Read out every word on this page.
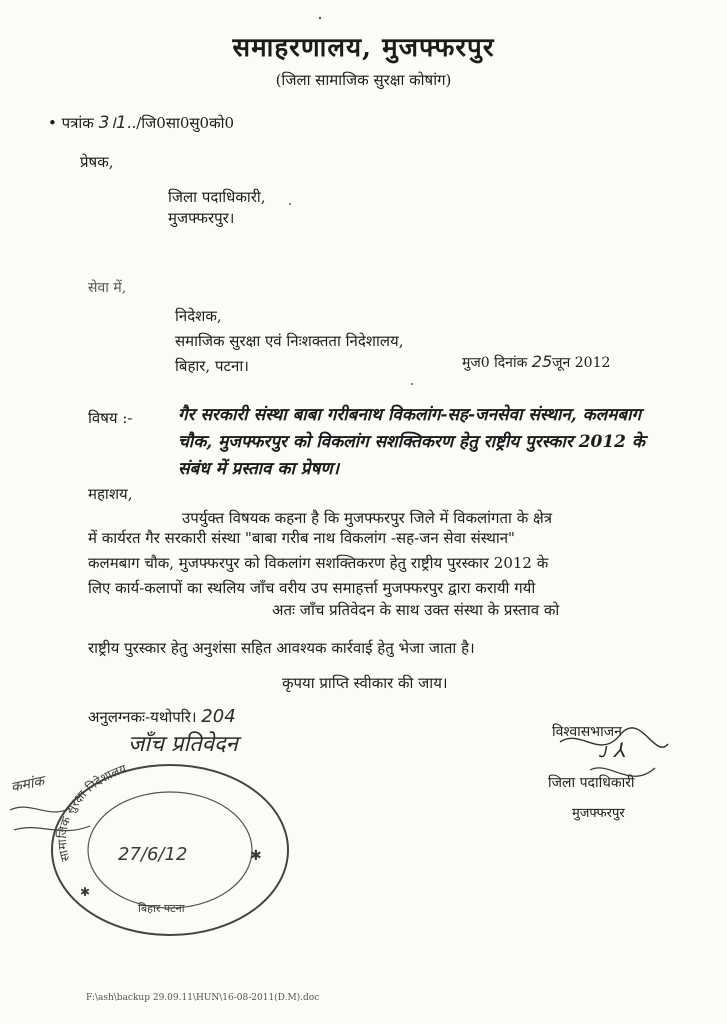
समाहरणालय, मुजफ्फरपुर
(जिला सामाजिक सुरक्षा कोषांग)
• पत्रांक 3।1../जि0सा0सु0को0
प्रेषक,
जिला पदाधिकारी,
मुजफ्फरपुर।
सेवा में,
निदेशक,
समाजिक सुरक्षा एवं निःशक्तता निदेशालय,
बिहार, पटना।	मुज0 दिनांक 25जून 2012
विषय :-	गैर सरकारी संस्था बाबा गरीबनाथ विकलांग-सह-जनसेवा संस्थान, कलमबाग चौक, मुजफ्फरपुर को विकलांग सशक्तिकरण हेतु राष्ट्रीय पुरस्कार 2012 के संबंध में प्रस्ताव का प्रेषण।
महाशय,
उपर्युक्त विषयक कहना है कि मुजफ्फरपुर जिले में विकलांगता के क्षेत्र
में कार्यरत गैर सरकारी संस्था "बाबा गरीब नाथ विकलांग -सह-जन सेवा संस्थान"
कलमबाग चौक, मुजफ्फरपुर को विकलांग सशक्तिकरण हेतु राष्ट्रीय पुरस्कार 2012 के
लिए कार्य-कलापों का स्थलिय जाँच वरीय उप समाहर्त्ता मुजफ्फरपुर द्वारा करायी गयी
अतः जाँच प्रतिवेदन के साथ उक्त संस्था के प्रस्ताव को
राष्ट्रीय पुरस्कार हेतु अनुशंसा सहित आवश्यक कार्रवाई हेतु भेजा जाता है।
कृपया प्राप्ति स्वीकार की जाय।
अनुलग्नकः-यथोपरि। 204
जाँच प्रतिवेदन	विश्वासभाजन
ᴊ ⅄
जिला पदाधिकारी
मुजफ्फरपुर
सामाजिक सुरक्षा निदेशालय
27/6/12
बिहार पटना
✱
✱
कमांक
F:\ash\backup 29.09.11\HUN\16-08-2011(D.M).doc
